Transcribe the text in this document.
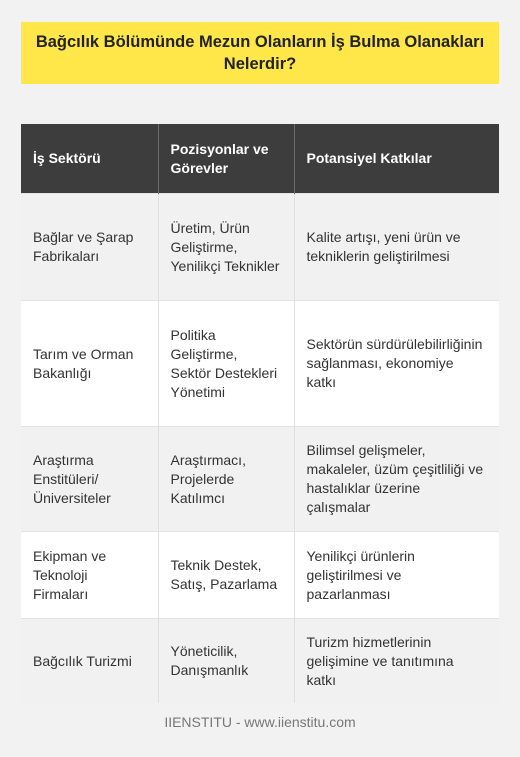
Bağcılık Bölümünde Mezun Olanların İş Bulma Olanakları Nelerdir?
İş Sektörü	Pozisyonlar ve Görevler	Potansiyel Katkılar
Bağlar ve Şarap Fabrikaları	Üretim, Ürün Geliştirme, Yenilikçi Teknikler	Kalite artışı, yeni ürün ve tekniklerin geliştirilmesi
Tarım ve Orman Bakanlığı	Politika Geliştirme, Sektör Destekleri Yönetimi	Sektörün sürdürülebilirliğinin sağlanması, ekonomiye katkı
Araştırma Enstitüleri/ Üniversiteler	Araştırmacı, Projelerde Katılımcı	Bilimsel gelişmeler, makaleler, üzüm çeşitliliği ve hastalıklar üzerine çalışmalar
Ekipman ve Teknoloji Firmaları	Teknik Destek, Satış, Pazarlama	Yenilikçi ürünlerin geliştirilmesi ve pazarlanması
Bağcılık Turizmi	Yöneticilik, Danışmanlık	Turizm hizmetlerinin gelişimine ve tanıtımına katkı
IIENSTITU - www.iienstitu.com
